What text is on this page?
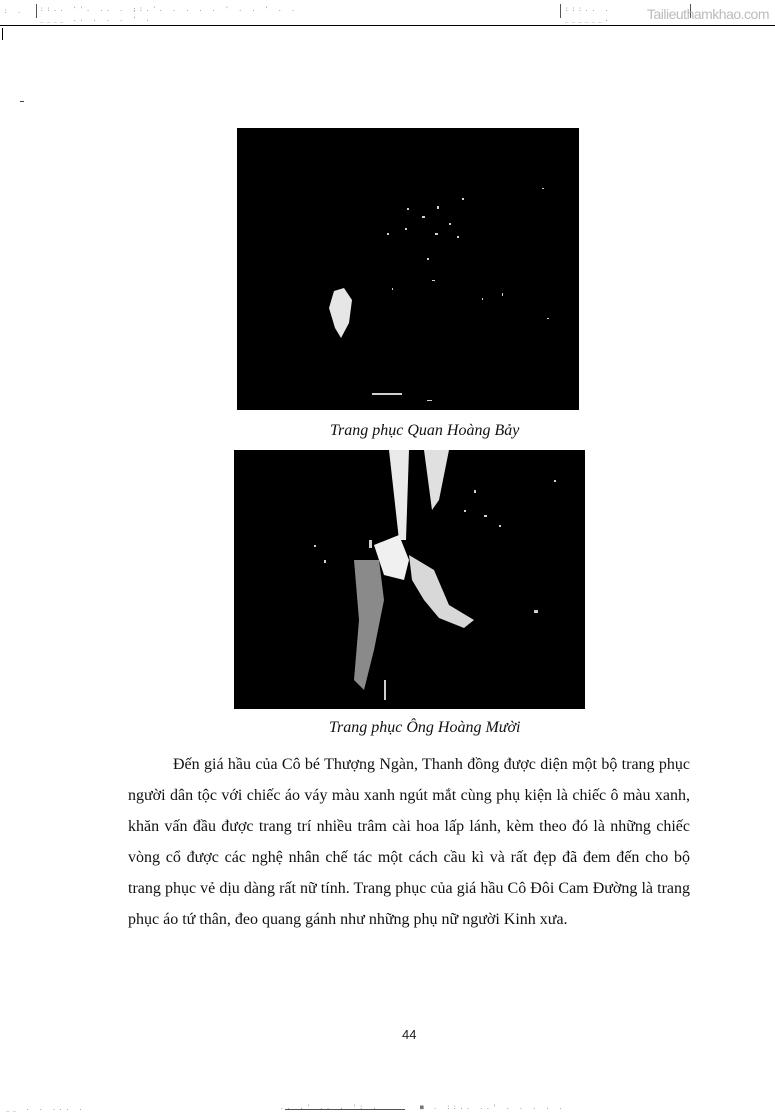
: .	::.. ''. .. . ;:.'. . . . . ' . . ' . .
____ .. . . . ' .
:::.. .
______.	Tailieuthamkhao.com
Trang phục Quan Hoàng Bảy
Trang phục Ông Hoàng Mười

Đến giá hầu của Cô bé Thượng Ngàn, Thanh đồng được diện một bộ trang phục người dân tộc với chiếc áo váy màu xanh ngút mắt cùng phụ kiện là chiếc ô màu xanh, khăn vấn đầu được trang trí nhiều trâm cài hoa lấp lánh, kèm theo đó là những chiếc vòng cổ được các nghệ nhân chế tác một cách cầu kì và rất đẹp đã đem đến cho bộ trang phục vẻ dịu dàng rất nữ tính. Trang phục của giá hầu Cô Đôi Cam Đường là trang phục áo tứ thân, đeo quang gánh như những phụ nữ người Kinh xưa.

44
__ . . ... .	.. .' .. . ': .	■ . ::.. ..' . . . . .
